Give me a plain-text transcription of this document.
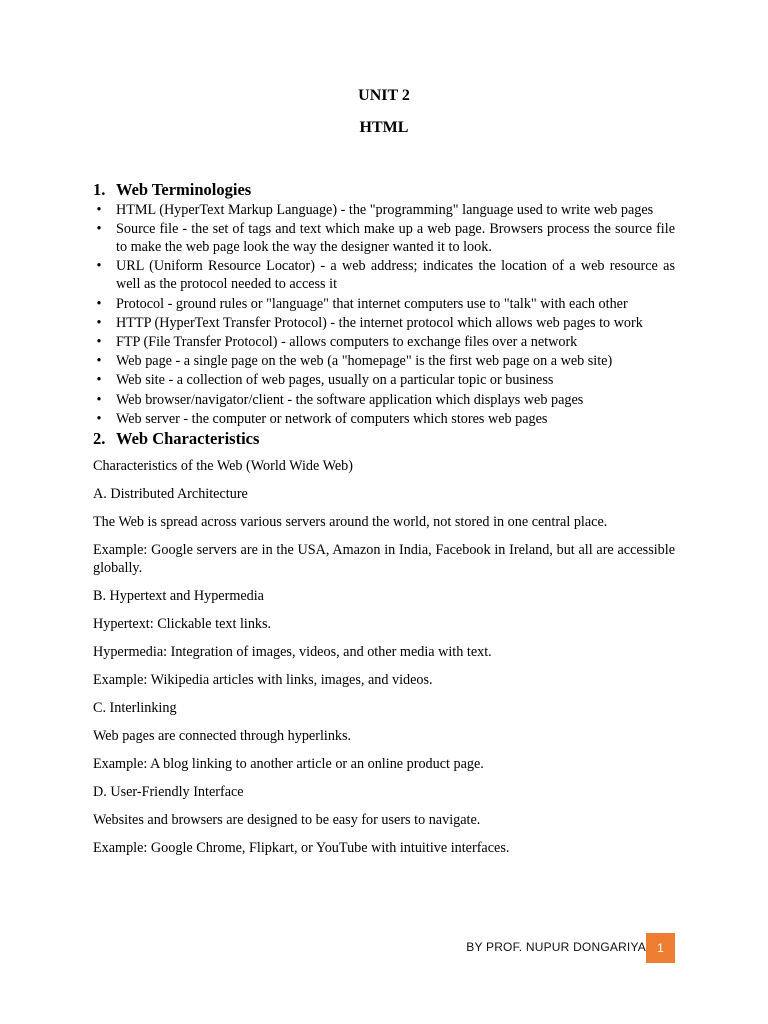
UNIT 2
HTML
1. Web Terminologies
• HTML (HyperText Markup Language) - the "programming" language used to write web pages
• Source file - the set of tags and text which make up a web page. Browsers process the source file to make the web page look the way the designer wanted it to look.
• URL (Uniform Resource Locator) - a web address; indicates the location of a web resource as well as the protocol needed to access it
• Protocol - ground rules or "language" that internet computers use to "talk" with each other
• HTTP (HyperText Transfer Protocol) - the internet protocol which allows web pages to work
• FTP (File Transfer Protocol) - allows computers to exchange files over a network
• Web page - a single page on the web (a "homepage" is the first web page on a web site)
• Web site - a collection of web pages, usually on a particular topic or business
• Web browser/navigator/client - the software application which displays web pages
• Web server - the computer or network of computers which stores web pages
2. Web Characteristics

Characteristics of the Web (World Wide Web)

A. Distributed Architecture

The Web is spread across various servers around the world, not stored in one central place.

Example: Google servers are in the USA, Amazon in India, Facebook in Ireland, but all are accessible globally.

B. Hypertext and Hypermedia

Hypertext: Clickable text links.

Hypermedia: Integration of images, videos, and other media with text.

Example: Wikipedia articles with links, images, and videos.

C. Interlinking

Web pages are connected through hyperlinks.

Example: A blog linking to another article or an online product page.

D. User-Friendly Interface

Websites and browsers are designed to be easy for users to navigate.

Example: Google Chrome, Flipkart, or YouTube with intuitive interfaces.

BY PROF. NUPUR DONGARIYA 1
